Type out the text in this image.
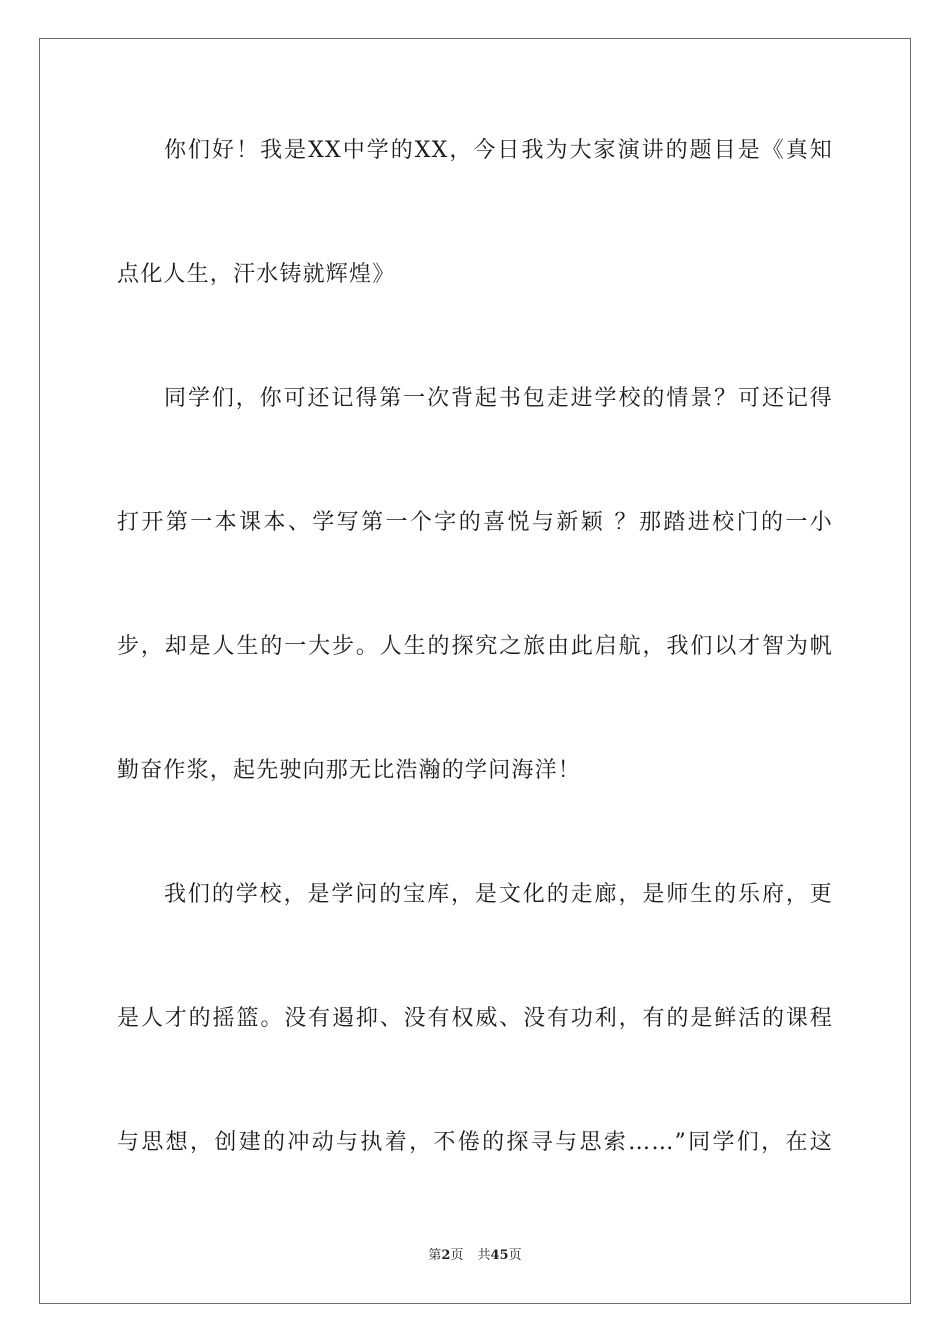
你们好！我是XX中学的XX，今日我为大家演讲的题目是《真知
点化人生，汗水铸就辉煌》
同学们，你可还记得第一次背起书包走进学校的情景？可还记得
打开第一本课本、学写第一个字的喜悦与新颖 ？那踏进校门的一小
步，却是人生的一大步。人生的探究之旅由此启航，我们以才智为帆
勤奋作浆，起先驶向那无比浩瀚的学问海洋！
我们的学校，是学问的宝库，是文化的走廊，是师生的乐府，更
是人才的摇篮。没有遏抑、没有权威、没有功利，有的是鲜活的课程
与思想，创建的冲动与执着，不倦的探寻与思索……”同学们，在这
第2页 共45页
